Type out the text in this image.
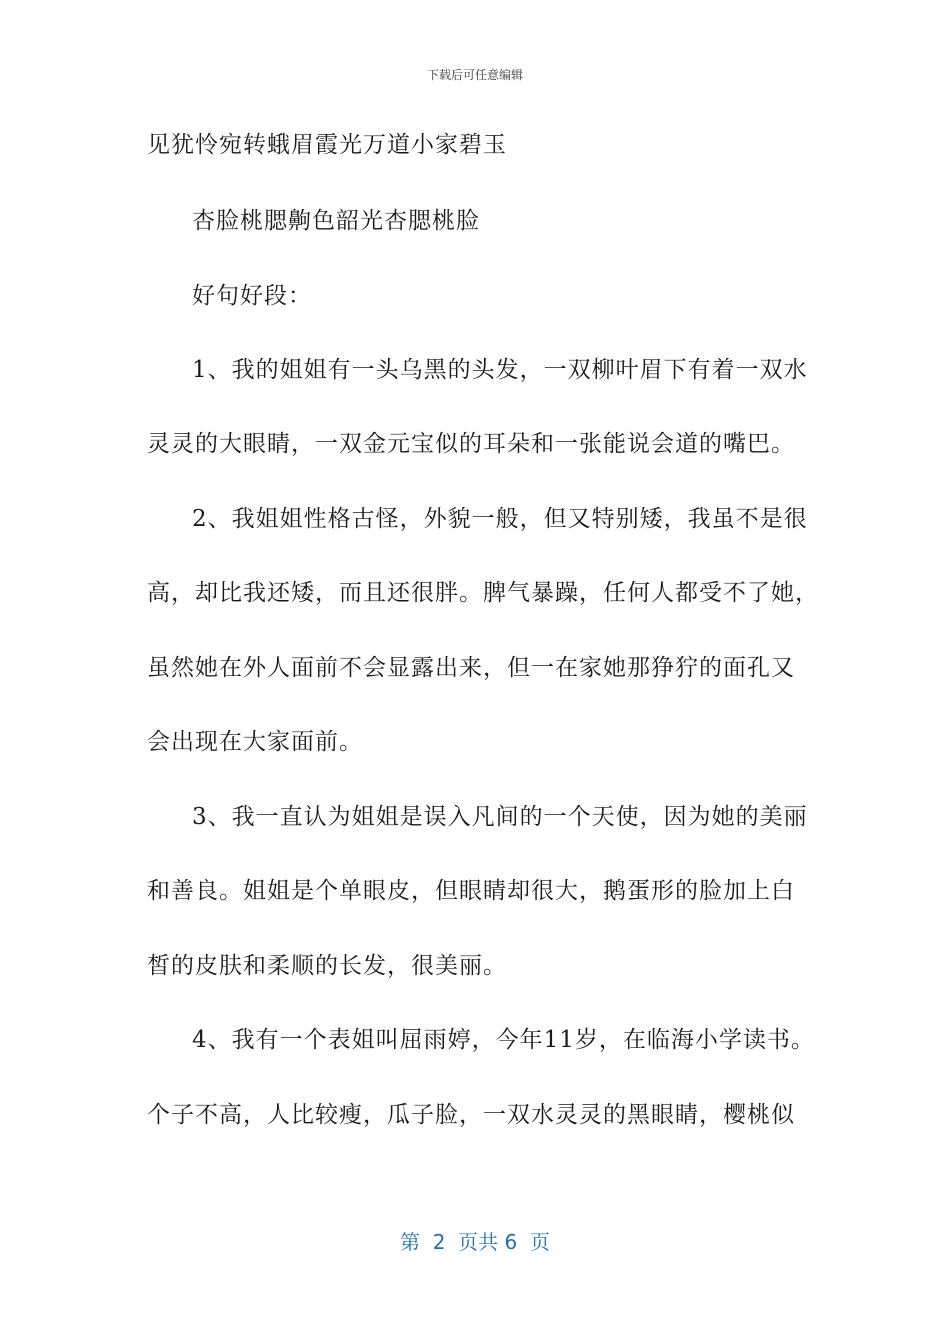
下载后可任意编辑
见犹怜宛转蛾眉霞光万道小家碧玉
杏脸桃腮齁色韶光杏腮桃脸
好句好段：
1、我的姐姐有一头乌黑的头发，一双柳叶眉下有着一双水
灵灵的大眼睛，一双金元宝似的耳朵和一张能说会道的嘴巴。
2、我姐姐性格古怪，外貌一般，但又特别矮，我虽不是很
高，却比我还矮，而且还很胖。脾气暴躁，任何人都受不了她，
虽然她在外人面前不会显露出来，但一在家她那狰狞的面孔又
会出现在大家面前。
3、我一直认为姐姐是误入凡间的一个天使，因为她的美丽
和善良。姐姐是个单眼皮，但眼睛却很大，鹅蛋形的脸加上白
皙的皮肤和柔顺的长发，很美丽。
4、我有一个表姐叫屈雨婷，今年11岁，在临海小学读书。
个子不高，人比较瘦，瓜子脸，一双水灵灵的黑眼睛，樱桃似
第  2  页共 6  页
